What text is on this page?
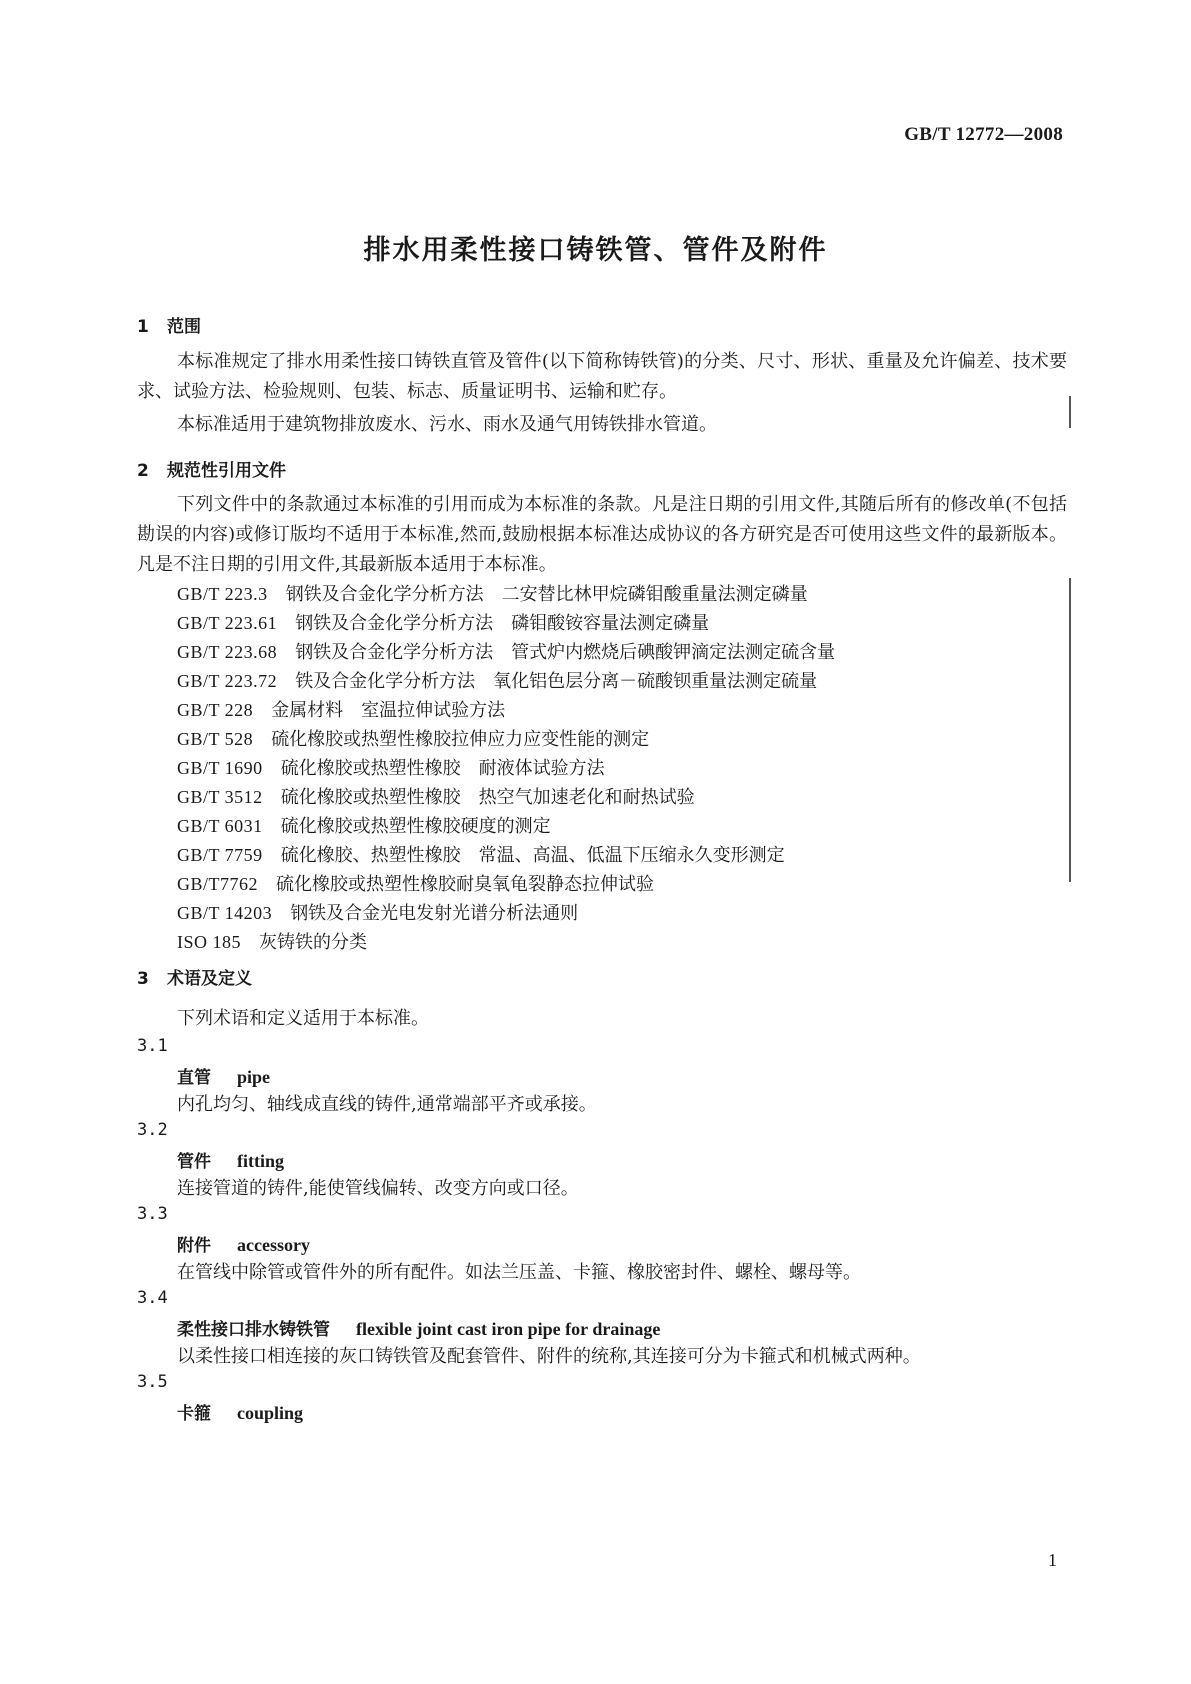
GB/T 12772—2008
排水用柔性接口铸铁管、管件及附件
1 范围

本标准规定了排水用柔性接口铸铁直管及管件(以下简称铸铁管)的分类、尺寸、形状、重量及允许偏差、技术要求、试验方法、检验规则、包装、标志、质量证明书、运输和贮存。

本标准适用于建筑物排放废水、污水、雨水及通气用铸铁排水管道。
2 规范性引用文件

下列文件中的条款通过本标准的引用而成为本标准的条款。凡是注日期的引用文件,其随后所有的修改单(不包括勘误的内容)或修订版均不适用于本标准,然而,鼓励根据本标准达成协议的各方研究是否可使用这些文件的最新版本。凡是不注日期的引用文件,其最新版本适用于本标准。

GB/T 223.3 钢铁及合金化学分析方法　二安替比林甲烷磷钼酸重量法测定磷量
GB/T 223.61 钢铁及合金化学分析方法　磷钼酸铵容量法测定磷量
GB/T 223.68 钢铁及合金化学分析方法　管式炉内燃烧后碘酸钾滴定法测定硫含量
GB/T 223.72 铁及合金化学分析方法　氧化铝色层分离－硫酸钡重量法测定硫量
GB/T 228 金属材料　室温拉伸试验方法
GB/T 528 硫化橡胶或热塑性橡胶拉伸应力应变性能的测定
GB/T 1690 硫化橡胶或热塑性橡胶　耐液体试验方法
GB/T 3512 硫化橡胶或热塑性橡胶　热空气加速老化和耐热试验
GB/T 6031 硫化橡胶或热塑性橡胶硬度的测定
GB/T 7759 硫化橡胶、热塑性橡胶　常温、高温、低温下压缩永久变形测定
GB/T7762 硫化橡胶或热塑性橡胶耐臭氧龟裂静态拉伸试验
GB/T 14203 钢铁及合金光电发射光谱分析法通则
ISO 185 灰铸铁的分类
3 术语及定义
下列术语和定义适用于本标准。
3.1
直管 pipe
内孔均匀、轴线成直线的铸件,通常端部平齐或承接。
3.2
管件 fitting
连接管道的铸件,能使管线偏转、改变方向或口径。
3.3
附件 accessory
在管线中除管或管件外的所有配件。如法兰压盖、卡箍、橡胶密封件、螺栓、螺母等。
3.4
柔性接口排水铸铁管 flexible joint cast iron pipe for drainage
以柔性接口相连接的灰口铸铁管及配套管件、附件的统称,其连接可分为卡箍式和机械式两种。
3.5
卡箍 coupling
1
